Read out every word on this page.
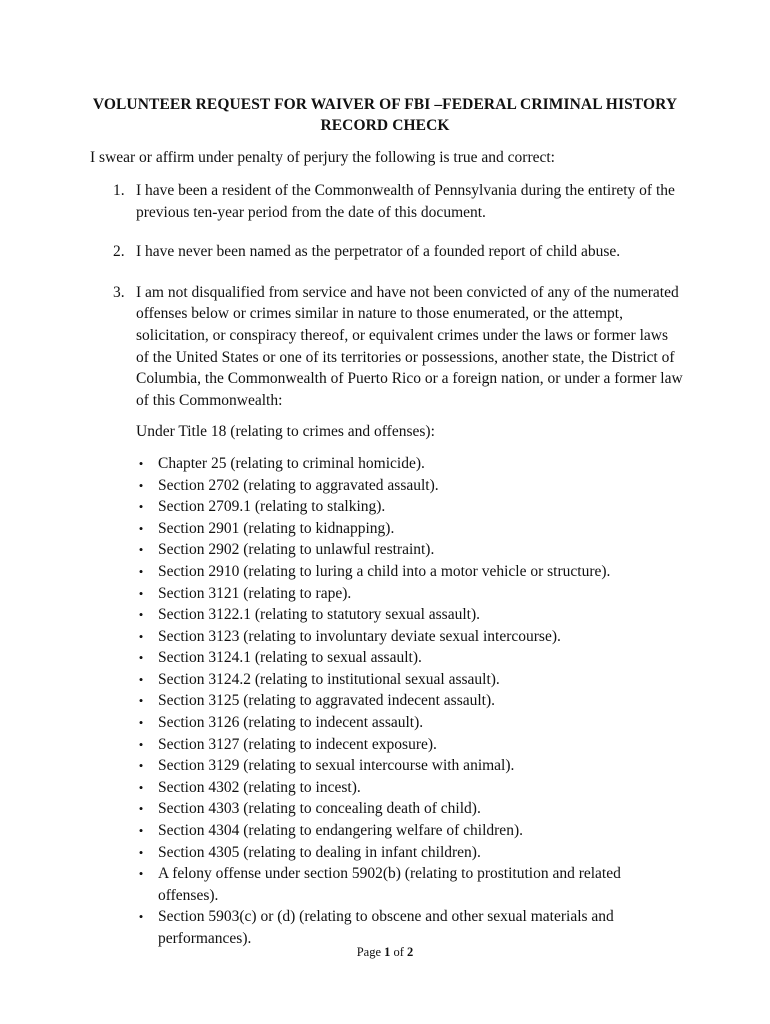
VOLUNTEER REQUEST FOR WAIVER OF FBI –FEDERAL CRIMINAL HISTORY
RECORD CHECK
I swear or affirm under penalty of perjury the following is true and correct:
1. I have been a resident of the Commonwealth of Pennsylvania during the entirety of the previous ten-year period from the date of this document.
2. I have never been named as the perpetrator of a founded report of child abuse.
3. I am not disqualified from service and have not been convicted of any of the numerated offenses below or crimes similar in nature to those enumerated, or the attempt, solicitation, or conspiracy thereof, or equivalent crimes under the laws or former laws of the United States or one of its territories or possessions, another state, the District of Columbia, the Commonwealth of Puerto Rico or a foreign nation, or under a former law of this Commonwealth:
Under Title 18 (relating to crimes and offenses):
• Chapter 25 (relating to criminal homicide).
• Section 2702 (relating to aggravated assault).
• Section 2709.1 (relating to stalking).
• Section 2901 (relating to kidnapping).
• Section 2902 (relating to unlawful restraint).
• Section 2910 (relating to luring a child into a motor vehicle or structure).
• Section 3121 (relating to rape).
• Section 3122.1 (relating to statutory sexual assault).
• Section 3123 (relating to involuntary deviate sexual intercourse).
• Section 3124.1 (relating to sexual assault).
• Section 3124.2 (relating to institutional sexual assault).
• Section 3125 (relating to aggravated indecent assault).
• Section 3126 (relating to indecent assault).
• Section 3127 (relating to indecent exposure).
• Section 3129 (relating to sexual intercourse with animal).
• Section 4302 (relating to incest).
• Section 4303 (relating to concealing death of child).
• Section 4304 (relating to endangering welfare of children).
• Section 4305 (relating to dealing in infant children).
• A felony offense under section 5902(b) (relating to prostitution and related offenses).
• Section 5903(c) or (d) (relating to obscene and other sexual materials and performances).
Page 1 of 2
